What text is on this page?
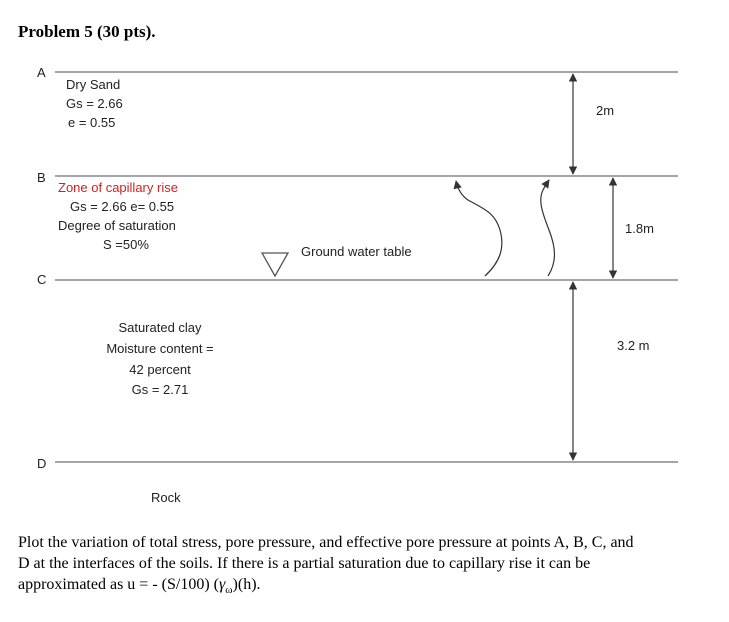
Problem 5 (30 pts).
A
B
C
D
Dry Sand
Gs = 2.66
e = 0.55
Zone of capillary rise
Gs = 2.66 e= 0.55
Degree of saturation
S =50%	Ground water table
Saturated clay
Moisture content =
42 percent
Gs = 2.71
2m
1.8m
3.2 m
Rock
Plot the variation of total stress, pore pressure, and effective pore pressure at points A, B, C, and
D at the interfaces of the soils. If there is a partial saturation due to capillary rise it can be
approximated as u = - (S/100) $(\gamma_\omega)(h)$.
